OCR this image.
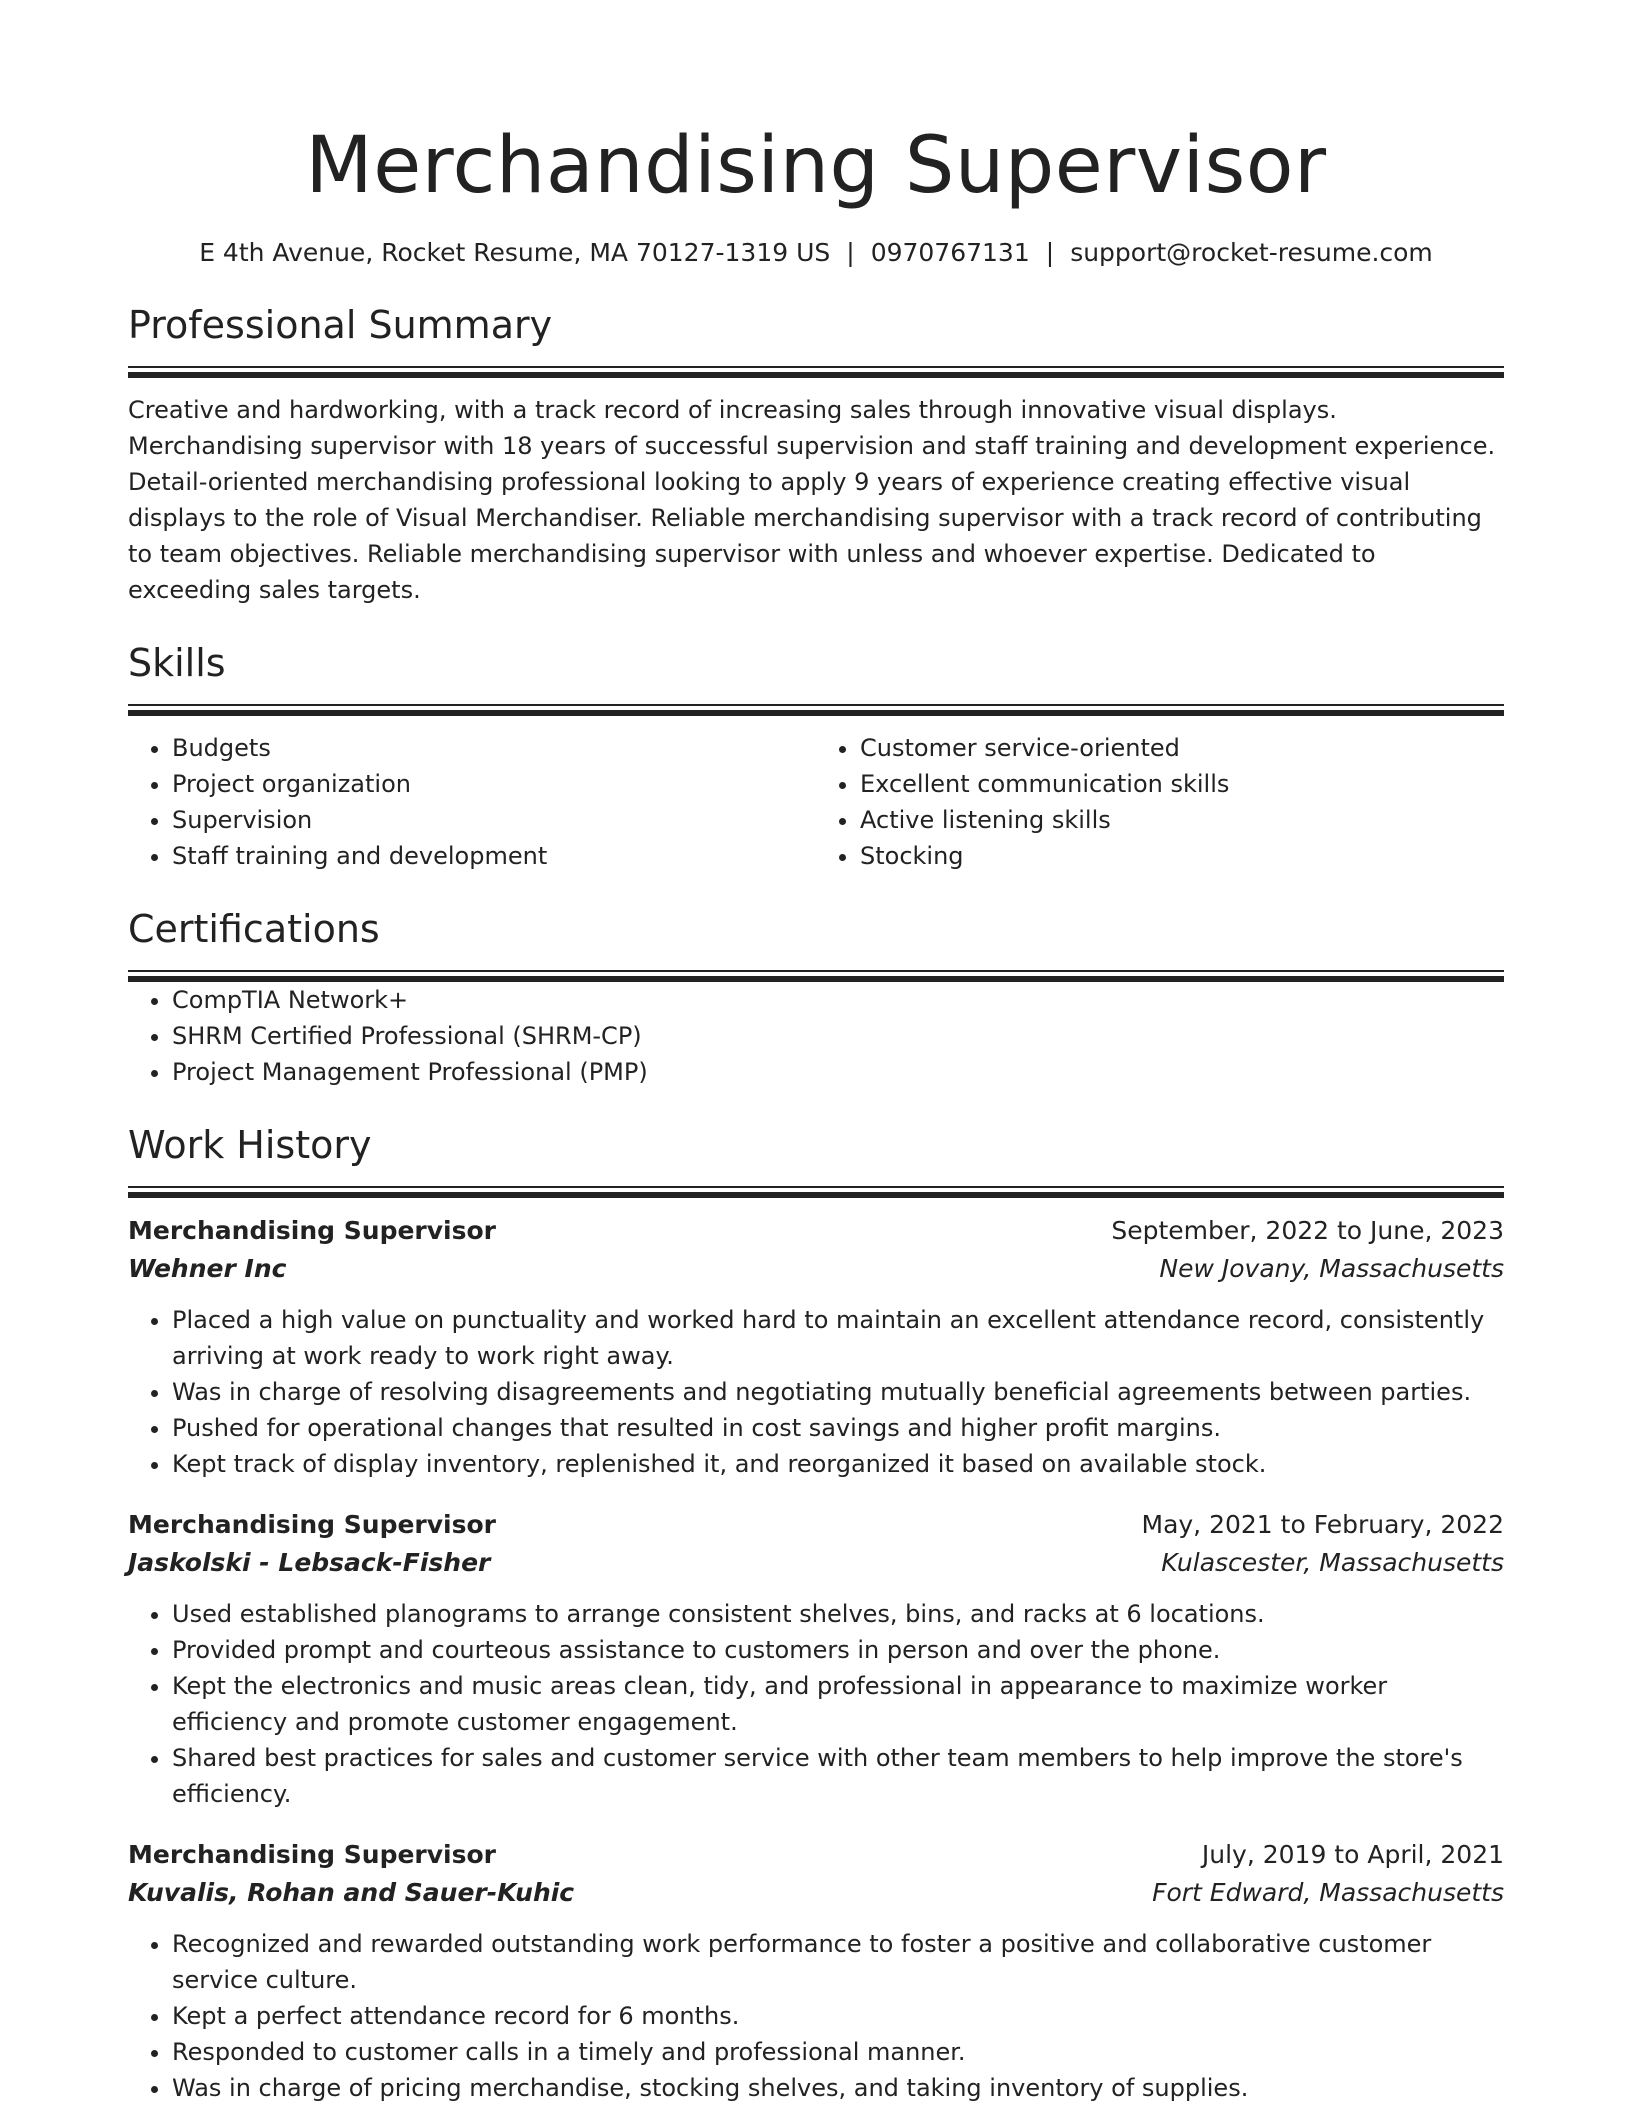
Merchandising Supervisor
E 4th Avenue, Rocket Resume, MA 70127-1319 US | 0970767131 | support@rocket-resume.com
Professional Summary

Creative and hardworking, with a track record of increasing sales through innovative visual displays. Merchandising supervisor with 18 years of successful supervision and staff training and development experience. Detail-oriented merchandising professional looking to apply 9 years of experience creating effective visual displays to the role of Visual Merchandiser. Reliable merchandising supervisor with a track record of contributing to team objectives. Reliable merchandising supervisor with unless and whoever expertise. Dedicated to exceeding sales targets.

Skills
• Budgets
• Project organization
• Supervision
• Staff training and development
• Customer service-oriented
• Excellent communication skills
• Active listening skills
• Stocking
Certifications
• CompTIA Network+
• SHRM Certified Professional (SHRM-CP)
• Project Management Professional (PMP)
Work History
Merchandising Supervisor	September, 2022 to June, 2023
Wehner Inc	New Jovany, Massachusetts
• Placed a high value on punctuality and worked hard to maintain an excellent attendance record, consistently arriving at work ready to work right away.
• Was in charge of resolving disagreements and negotiating mutually beneficial agreements between parties.
• Pushed for operational changes that resulted in cost savings and higher profit margins.
• Kept track of display inventory, replenished it, and reorganized it based on available stock.
Merchandising Supervisor	May, 2021 to February, 2022
Jaskolski - Lebsack-Fisher	Kulascester, Massachusetts
• Used established planograms to arrange consistent shelves, bins, and racks at 6 locations.
• Provided prompt and courteous assistance to customers in person and over the phone.
• Kept the electronics and music areas clean, tidy, and professional in appearance to maximize worker efficiency and promote customer engagement.
• Shared best practices for sales and customer service with other team members to help improve the store's efficiency.
Merchandising Supervisor	July, 2019 to April, 2021
Kuvalis, Rohan and Sauer-Kuhic	Fort Edward, Massachusetts
• Recognized and rewarded outstanding work performance to foster a positive and collaborative customer service culture.
• Kept a perfect attendance record for 6 months.
• Responded to customer calls in a timely and professional manner.
• Was in charge of pricing merchandise, stocking shelves, and taking inventory of supplies.
